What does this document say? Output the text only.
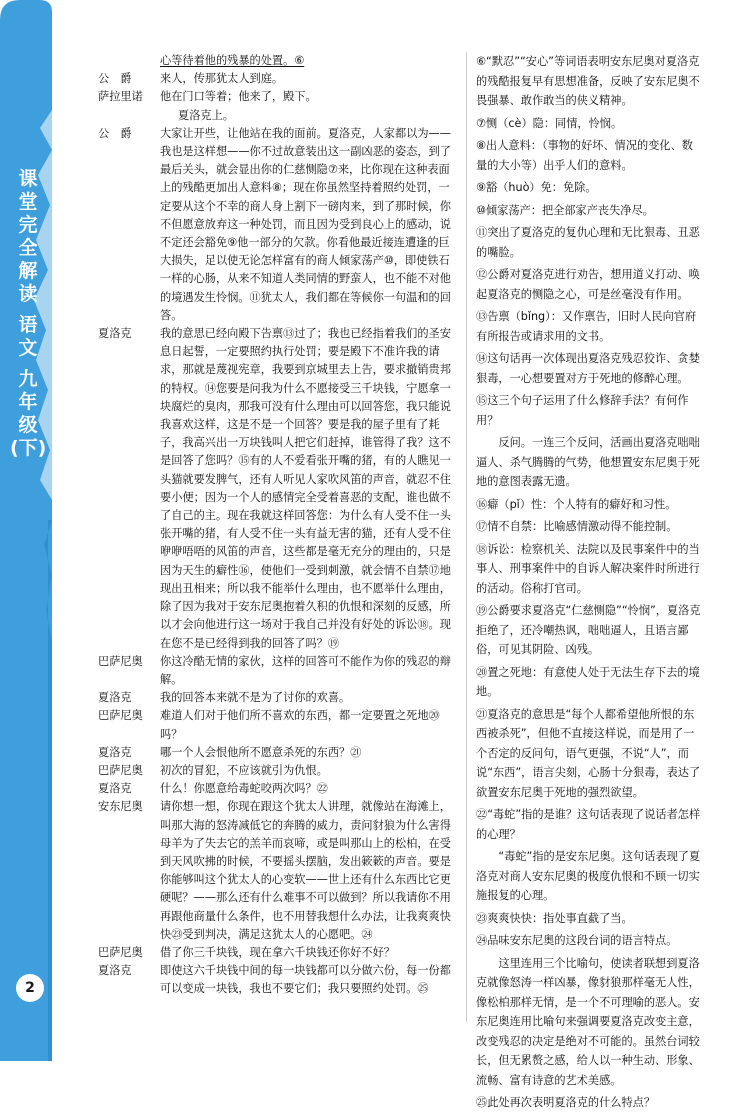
课
堂
完
全
解
读

语
文

九
年
级
(下)
2
心等待着他的残暴的处置。⑥
公　爵	来人，传那犹太人到庭。
萨拉里诺	他在门口等着；他来了，殿下。
夏洛克上。
公　爵	大家让开些，让他站在我的面前。夏洛克，人家都以为——我也是这样想——你不过故意装出这一副凶恶的姿态，到了最后关头，就会显出你的仁慈恻隐⑦来，比你现在这种表面上的残酷更加出人意料⑧；现在你虽然坚持着照约处罚，一定要从这个不幸的商人身上割下一磅肉来，到了那时候，你不但愿意放弃这一种处罚，而且因为受到良心上的感动，说不定还会豁免⑨他一部分的欠款。你看他最近接连遭逢的巨大损失，足以使无论怎样富有的商人倾家荡产⑩，即使铁石一样的心肠，从来不知道人类同情的野蛮人，也不能不对他的境遇发生怜悯。⑪犹太人，我们都在等候你一句温和的回答。
夏洛克	我的意思已经向殿下告禀⑬过了；我也已经指着我们的圣安息日起誓，一定要照约执行处罚；要是殿下不准许我的请求，那就是蔑视宪章，我要到京城里去上告，要求撤销贵邦的特权。⑭您要是问我为什么不愿接受三千块钱，宁愿拿一块腐烂的臭肉，那我可没有什么理由可以回答您，我只能说我喜欢这样，这是不是一个回答？要是我的屋子里有了耗子，我高兴出一万块钱叫人把它们赶掉，谁管得了我？这不是回答了您吗？⑮有的人不爱看张开嘴的猪，有的人瞧见一头猫就要发脾气，还有人听见人家吹风笛的声音，就忍不住要小便；因为一个人的感情完全受着喜恶的支配，谁也做不了自己的主。现在我就这样回答您：为什么有人受不住一头张开嘴的猪，有人受不住一头有益无害的猫，还有人受不住咿咿唔唔的风笛的声音，这些都是毫无充分的理由的，只是因为天生的癖性⑯，使他们一受到刺激，就会情不自禁⑰地现出丑相来；所以我不能举什么理由，也不愿举什么理由，除了因为我对于安东尼奥抱着久积的仇恨和深刻的反感，所以才会向他进行这一场对于我自己并没有好处的诉讼⑱。现在您不是已经得到我的回答了吗？⑲
巴萨尼奥	你这冷酷无情的家伙，这样的回答可不能作为你的残忍的辩解。
夏洛克	我的回答本来就不是为了讨你的欢喜。
巴萨尼奥	难道人们对于他们所不喜欢的东西，都一定要置之死地⑳吗？
夏洛克	哪一个人会恨他所不愿意杀死的东西？㉑
巴萨尼奥	初次的冒犯，不应该就引为仇恨。
夏洛克	什么！你愿意给毒蛇咬两次吗？㉒
安东尼奥	请你想一想，你现在跟这个犹太人讲理，就像站在海滩上，叫那大海的怒涛减低它的奔腾的威力，责问豺狼为什么害得母羊为了失去它的羔羊而哀啼，或是叫那山上的松柏，在受到天风吹拂的时候，不要摇头摆脑，发出簌簌的声音。要是你能够叫这个犹太人的心变软——世上还有什么东西比它更硬呢？——那么还有什么难事不可以做到？所以我请你不用再跟他商量什么条件，也不用替我想什么办法，让我爽爽快快㉓受到判决，满足这犹太人的心愿吧。㉔
巴萨尼奥	借了你三千块钱，现在拿六千块钱还你好不好？
夏洛克	即使这六千块钱中间的每一块钱都可以分做六份，每一份都可以变成一块钱，我也不要它们；我只要照约处罚。㉕

⑥“默忍”“安心”等词语表明安东尼奥对夏洛克的残酷报复早有思想准备，反映了安东尼奥不畏强暴、敢作敢当的侠义精神。

⑦恻（cè）隐：同情，怜悯。

⑧出人意料：（事物的好坏、情况的变化、数量的大小等）出乎人们的意料。

⑨豁（huò）免：免除。

⑩倾家荡产：把全部家产丧失净尽。

⑪突出了夏洛克的复仇心理和无比狠毒、丑恶的嘴脸。

⑫公爵对夏洛克进行劝告，想用道义打动、唤起夏洛克的恻隐之心，可是丝毫没有作用。

⑬告禀（bǐng）：又作禀告，旧时人民向官府有所报告或请求用的文书。

⑭这句话再一次体现出夏洛克残忍狡诈、贪婪狠毒，一心想要置对方于死地的修醉心理。

⑮这三个句子运用了什么修辞手法？有何作用？

反问。一连三个反问，活画出夏洛克咄咄逼人、杀气腾腾的气势，他想置安东尼奥于死地的意图表露无遗。

⑯癖（pǐ）性：个人特有的癖好和习性。

⑰情不自禁：比喻感情激动得不能控制。

⑱诉讼：检察机关、法院以及民事案件中的当事人、刑事案件中的自诉人解决案件时所进行的活动。俗称打官司。

⑲公爵要求夏洛克“仁慈恻隐”“怜悯”，夏洛克拒绝了，还冷嘲热讽，咄咄逼人，且语言鄙俗，可见其阴险、凶残。

⑳置之死地：有意使人处于无法生存下去的境地。

㉑夏洛克的意思是“每个人都希望他所恨的东西被杀死”，但他不直接这样说，而是用了一个否定的反问句，语气更强，不说“人”，而说“东西”，语言尖刻，心肠十分狠毒，表达了欲置安东尼奥于死地的强烈欲望。

㉒“毒蛇”指的是谁？这句话表现了说话者怎样的心理？

“毒蛇”指的是安东尼奥。这句话表现了夏洛克对商人安东尼奥的极度仇恨和不顾一切实施报复的心理。

㉓爽爽快快：指处事直截了当。

㉔品味安东尼奥的这段台词的语言特点。

这里连用三个比喻句，使读者联想到夏洛克就像怒涛一样凶暴，像豺狼那样毫无人性，像松柏那样无情，是一个不可理喻的恶人。安东尼奥连用比喻句来强调要夏洛克改变主意，改变残忍的决定是绝对不可能的。虽然台词较长，但无累赘之感，给人以一种生动、形象、流畅、富有诗意的艺术美感。

㉕此处再次表明夏洛克的什么特点？
